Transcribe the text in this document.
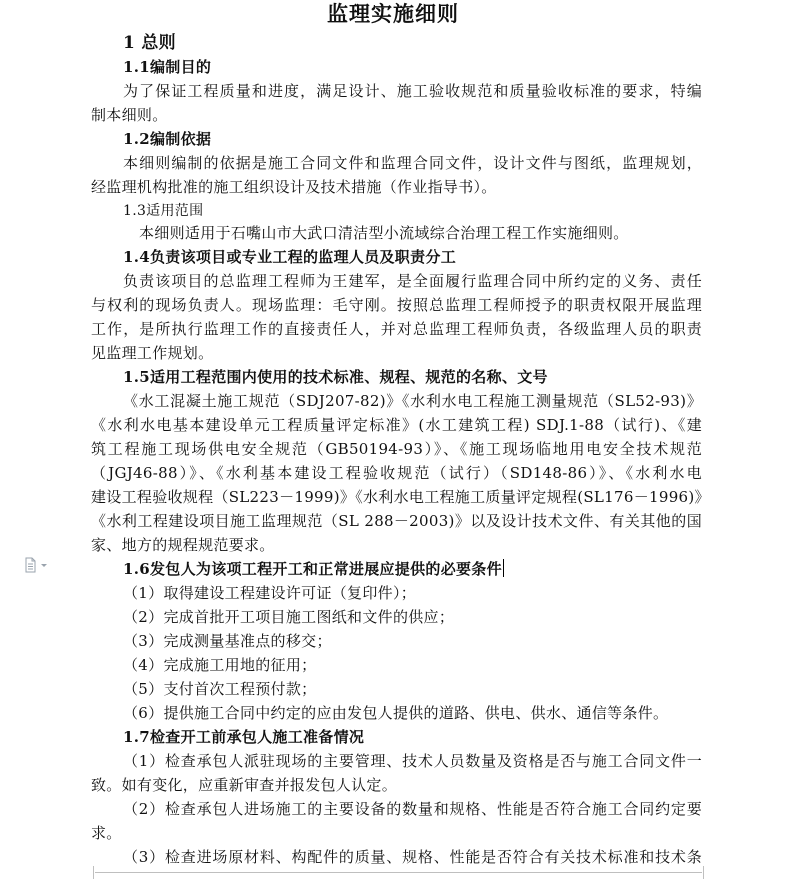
监理实施细则
1 总则
1.1编制目的
为了保证工程质量和进度，满足设计、施工验收规范和质量验收标准的要求，特编
制本细则。
1.2编制依据
本细则编制的依据是施工合同文件和监理合同文件，设计文件与图纸，监理规划，
经监理机构批准的施工组织设计及技术措施（作业指导书）。
1.3适用范围
本细则适用于石嘴山市大武口清洁型小流域综合治理工程工作实施细则。
1.4负责该项目或专业工程的监理人员及职责分工
负责该项目的总监理工程师为王建军，是全面履行监理合同中所约定的义务、责任
与权利的现场负责人。现场监理：毛守刚。按照总监理工程师授予的职责权限开展监理
工作，是所执行监理工作的直接责任人，并对总监理工程师负责，各级监理人员的职责
见监理工作规划。
1.5适用工程范围内使用的技术标准、规程、规范的名称、文号
《水工混凝土施工规范（SDJ207-82)》《水利水电工程施工测量规范（SL52-93)》
《水利水电基本建设单元工程质量评定标准》(水工建筑工程) SDJ.1-88（试行)、《建
筑工程施工现场供电安全规范（GB50194-93）》、《施工现场临地用电安全技术规范
（JGJ46-88）》、《水利基本建设工程验收规范（试行）（SD148-86）》、《水利水电
建设工程验收规程（SL223－1999)》《水利水电工程施工质量评定规程(SL176－1996)》
《水利工程建设项目施工监理规范（SL 288－2003)》以及设计技术文件、有关其他的国
家、地方的规程规范要求。
1.6发包人为该项工程开工和正常进展应提供的必要条件
（1）取得建设工程建设许可证（复印件）；
（2）完成首批开工项目施工图纸和文件的供应；
（3）完成测量基准点的移交；
（4）完成施工用地的征用；
（5）支付首次工程预付款；
（6）提供施工合同中约定的应由发包人提供的道路、供电、供水、通信等条件。
1.7检查开工前承包人施工准备情况
（1）检查承包人派驻现场的主要管理、技术人员数量及资格是否与施工合同文件一
致。如有变化，应重新审查并报发包人认定。
（2）检查承包人进场施工的主要设备的数量和规格、性能是否符合施工合同约定要
求。
（3）检查进场原材料、构配件的质量、规格、性能是否符合有关技术标准和技术条
